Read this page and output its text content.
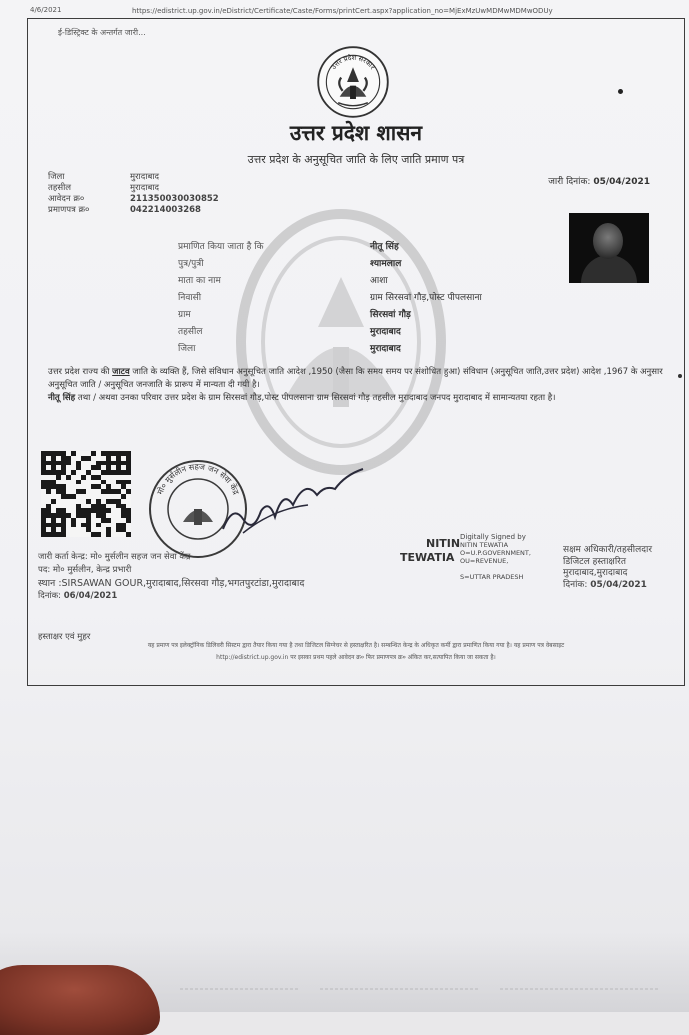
4/6/2021	https://edistrict.up.gov.in/eDistrict/Certificate/Caste/Forms/printCert.aspx?application_no=MjExMzUwMDMwMDMwODUy
ई-डिस्ट्रिक्ट के अन्तर्गत जारी...
उत्तर प्रदेश सरकार
उत्तर प्रदेश शासन
उत्तर प्रदेश के अनुसूचित जाति के लिए जाति प्रमाण पत्र
जिला	मुरादाबाद
तहसील	मुरादाबाद
आवेदन क्र०	211350030030852
प्रमाणपत्र क्र०	042214003268
जारी दिनांक: 05/04/2021
प्रमाणित किया जाता है कि	नीतू सिंह
पुत्र/पुत्री	श्यामलाल
माता का नाम	आशा
निवासी	ग्राम सिरसवां गौड़,पोस्ट पीपलसाना
ग्राम	सिरसवां गौड़
तहसील	मुरादाबाद
जिला	मुरादाबाद
उत्तर प्रदेश राज्य की जाटव जाति के व्यक्ति हैं, जिसे संविधान अनुसूचित जाति आदेश ,1950 (जैसा कि समय समय पर संशोधित हुआ) संविधान (अनुसूचित जाति,उत्तर प्रदेश) आदेश ,1967 के अनुसार अनुसूचित जाति / अनुसूचित जनजाति के प्रारूप में मान्यता दी गयी है।
नीतू सिंह तथा / अथवा उनका परिवार उत्तर प्रदेश के ग्राम सिरसवां गौड़,पोस्ट पीपलसाना ग्राम सिरसवां गौड़ तहसील मुरादाबाद जनपद मुरादाबाद में सामान्यतया रहता है।
मो० मुर्सलीन सहज जन सेवा केंद्र
जारी कर्ता केन्द्र: मो० मुर्सलीन सहज जन सेवा केंद्र
पद: मो० मुर्सलीन, केन्द्र प्रभारी
स्थान :SIRSAWAN GOUR,मुरादाबाद,सिरसवा गौड़,भगतपुरटांडा,मुरादाबाद
दिनांक: 06/04/2021
NITIN
TEWATIA
Digitally Signed by
NITIN TEWATIA
O=U.P.GOVERNMENT,
OU=REVENUE,

S=UTTAR PRADESH
सक्षम अधिकारी/तहसीलदार
डिजिटल हस्ताक्षरित
मुरादाबाद,मुरादाबाद
दिनांक: 05/04/2021
हस्ताक्षर एवं मुहर
यह प्रमाण पत्र इलेक्ट्रॉनिक डिलिवरी सिस्टम द्वारा तैयार किया गया है तथा डिजिटल सिग्नेचर से हस्ताक्षरित है। सम्बन्धित केन्द्र के अधिकृत कर्मी द्वारा प्रमाणित किया गया है। यह प्रमाण पत्र वेबसाइट
http://edistrict.up.gov.in पर इसका प्रथम पहले आवेदन क्र० फिर प्रमाणपत्र क्र० अंकित कर,सत्यापित किया जा सकता है।
